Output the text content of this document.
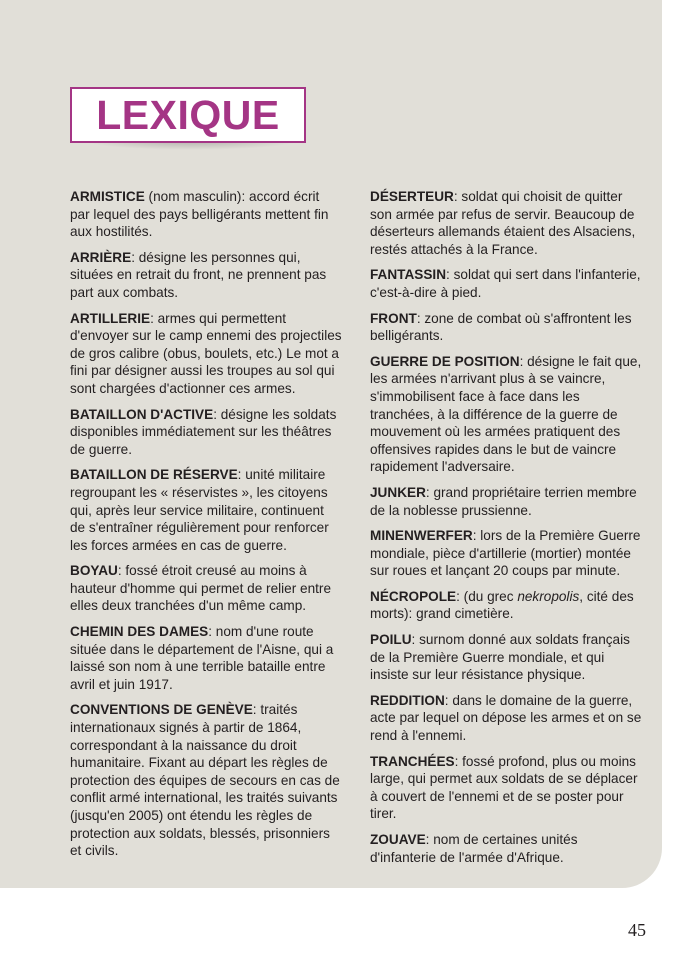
LEXIQUE

ARMISTICE (nom masculin): accord écrit par lequel des pays belligérants mettent fin aux hostilités.

ARRIÈRE: désigne les personnes qui, situées en retrait du front, ne prennent pas part aux combats.

ARTILLERIE: armes qui permettent d'envoyer sur le camp ennemi des projectiles de gros calibre (obus, boulets, etc.) Le mot a fini par désigner aussi les troupes au sol qui sont chargées d'actionner ces armes.

BATAILLON D'ACTIVE: désigne les soldats disponibles immédiatement sur les théâtres de guerre.

BATAILLON DE RÉSERVE: unité militaire regroupant les « réservistes », les citoyens qui, après leur service militaire, continuent de s'entraîner régulièrement pour renforcer les forces armées en cas de guerre.

BOYAU: fossé étroit creusé au moins à hauteur d'homme qui permet de relier entre elles deux tranchées d'un même camp.

CHEMIN DES DAMES: nom d'une route située dans le département de l'Aisne, qui a laissé son nom à une terrible bataille entre avril et juin 1917.

CONVENTIONS DE GENÈVE: traités internationaux signés à partir de 1864, correspondant à la naissance du droit humanitaire. Fixant au départ les règles de protection des équipes de secours en cas de conflit armé international, les traités suivants (jusqu'en 2005) ont étendu les règles de protection aux soldats, blessés, prisonniers et civils.

DÉSERTEUR: soldat qui choisit de quitter son armée par refus de servir. Beaucoup de déserteurs allemands étaient des Alsaciens, restés attachés à la France.

FANTASSIN: soldat qui sert dans l'infanterie, c'est-à-dire à pied.

FRONT: zone de combat où s'affrontent les belligérants.

GUERRE DE POSITION: désigne le fait que, les armées n'arrivant plus à se vaincre, s'immobilisent face à face dans les tranchées, à la différence de la guerre de mouvement où les armées pratiquent des offensives rapides dans le but de vaincre rapidement l'adversaire.

JUNKER: grand propriétaire terrien membre de la noblesse prussienne.

MINENWERFER: lors de la Première Guerre mondiale, pièce d'artillerie (mortier) montée sur roues et lançant 20 coups par minute.

NÉCROPOLE: (du grec nekropolis, cité des morts): grand cimetière.

POILU: surnom donné aux soldats français de la Première Guerre mondiale, et qui insiste sur leur résistance physique.

REDDITION: dans le domaine de la guerre, acte par lequel on dépose les armes et on se rend à l'ennemi.

TRANCHÉES: fossé profond, plus ou moins large, qui permet aux soldats de se déplacer à couvert de l'ennemi et de se poster pour tirer.

ZOUAVE: nom de certaines unités d'infanterie de l'armée d'Afrique.

45
